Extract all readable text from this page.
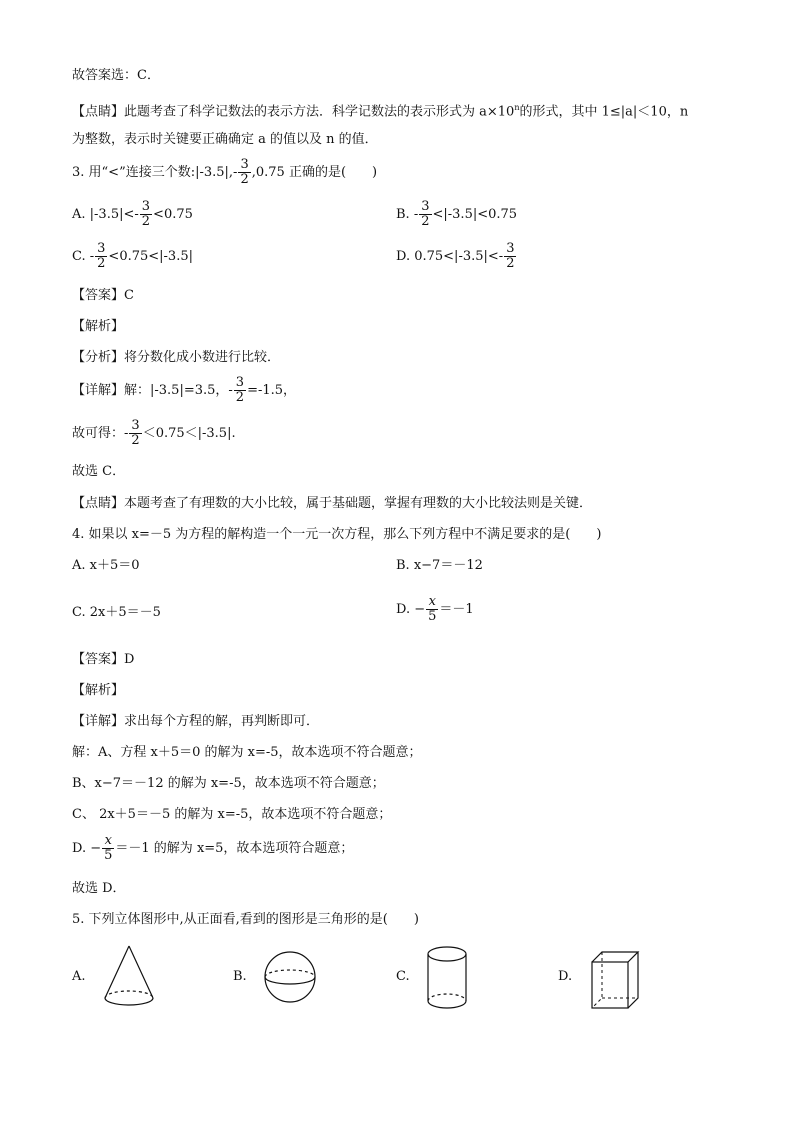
故答案选：C．
【点睛】此题考查了科学记数法的表示方法．科学记数法的表示形式为 $a\times 10^n$的形式，其中 1≤|a|＜10，n
为整数，表示时关键要正确确定 a 的值以及 n 的值．
3. 用“<”连接三个数:|-3.5|,- $\frac{3}{2} ,0.75$ 正确的是(　　)
A. $|-3.5|<- \frac{3}{2} <0.75$	B. - $\frac{3}{2} <|-3.5|<0.75$
C. - $\frac{3}{2} <0.75<|-3.5|$	D. $0.75<|-3.5|<- \frac{3}{2}$
【答案】C
【解析】
【分析】将分数化成小数进行比较．
【详解】解：|-3.5|=3.5，- $\frac{3}{2} =-1.5$，
故可得：- $\frac{3}{2} <0.75<|-3.5|$.
故选 C．
【点睛】本题考查了有理数的大小比较，属于基础题，掌握有理数的大小比较法则是关键．
4. 如果以 x=－5 为方程的解构造一个一元一次方程，那么下列方程中不满足要求的是(　　)
A. x＋5＝0	B. x−7＝－12
C. 2x＋5＝－5	D. − $\frac{x}{5} =-1$
【答案】D
【解析】
【详解】求出每个方程的解，再判断即可．
解：A、方程 x＋5＝0 的解为 x=-5，故本选项不符合题意；
B、x−7＝－12 的解为 x=-5，故本选项不符合题意；
C、 2x＋5＝－5 的解为 x=-5，故本选项不符合题意；
D. − $\frac{x}{5} =-1$ 的解为 x=5，故本选项符合题意；
故选 D．
5. 下列立体图形中,从正面看,看到的图形是三角形的是(　　)
A.	B.	C.	D.
